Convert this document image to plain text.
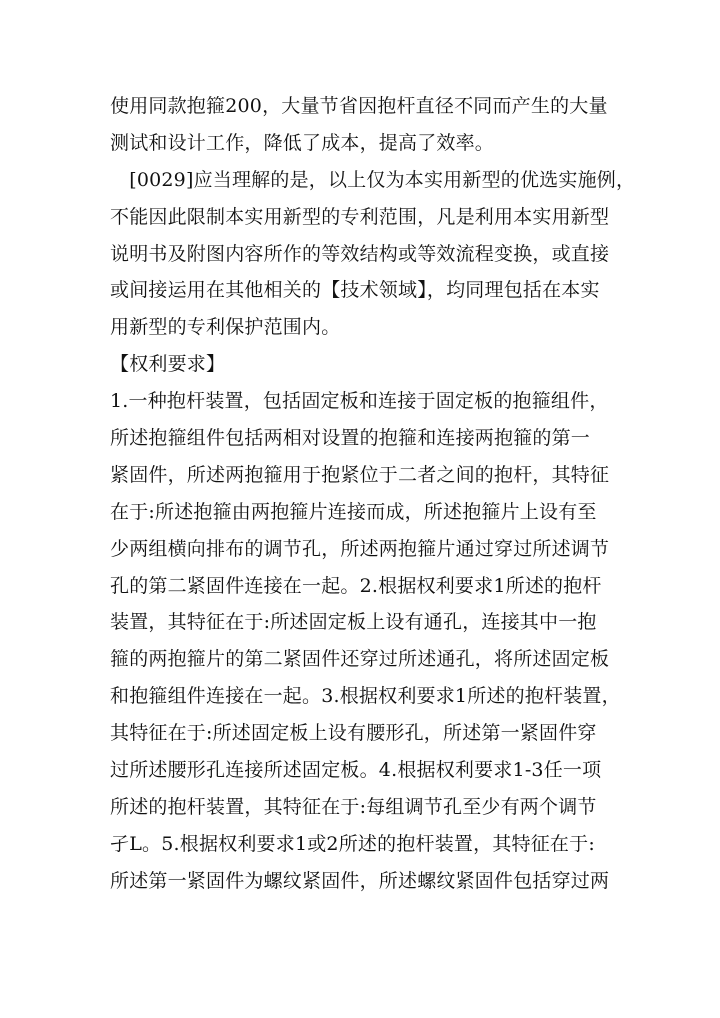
使用同款抱箍200，大量节省因抱杆直径不同而产生的大量
测试和设计工作，降低了成本，提高了效率。
　[0029]应当理解的是，以上仅为本实用新型的优选实施例，
不能因此限制本实用新型的专利范围，凡是利用本实用新型
说明书及附图内容所作的等效结构或等效流程变换，或直接
或间接运用在其他相关的【技术领域】，均同理包括在本实
用新型的专利保护范围内。
【权利要求】
1.一种抱杆装置，包括固定板和连接于固定板的抱箍组件，
所述抱箍组件包括两相对设置的抱箍和连接两抱箍的第一
紧固件，所述两抱箍用于抱紧位于二者之间的抱杆，其特征
在于:所述抱箍由两抱箍片连接而成，所述抱箍片上设有至
少两组横向排布的调节孔，所述两抱箍片通过穿过所述调节
孔的第二紧固件连接在一起。2.根据权利要求1所述的抱杆
装置，其特征在于:所述固定板上设有通孔，连接其中一抱
箍的两抱箍片的第二紧固件还穿过所述通孔，将所述固定板
和抱箍组件连接在一起。3.根据权利要求1所述的抱杆装置，
其特征在于:所述固定板上设有腰形孔，所述第一紧固件穿
过所述腰形孔连接所述固定板。4.根据权利要求1-3任一项
所述的抱杆装置，其特征在于:每组调节孔至少有两个调节
孑L。5.根据权利要求1或2所述的抱杆装置，其特征在于:
所述第一紧固件为螺纹紧固件，所述螺纹紧固件包括穿过两
